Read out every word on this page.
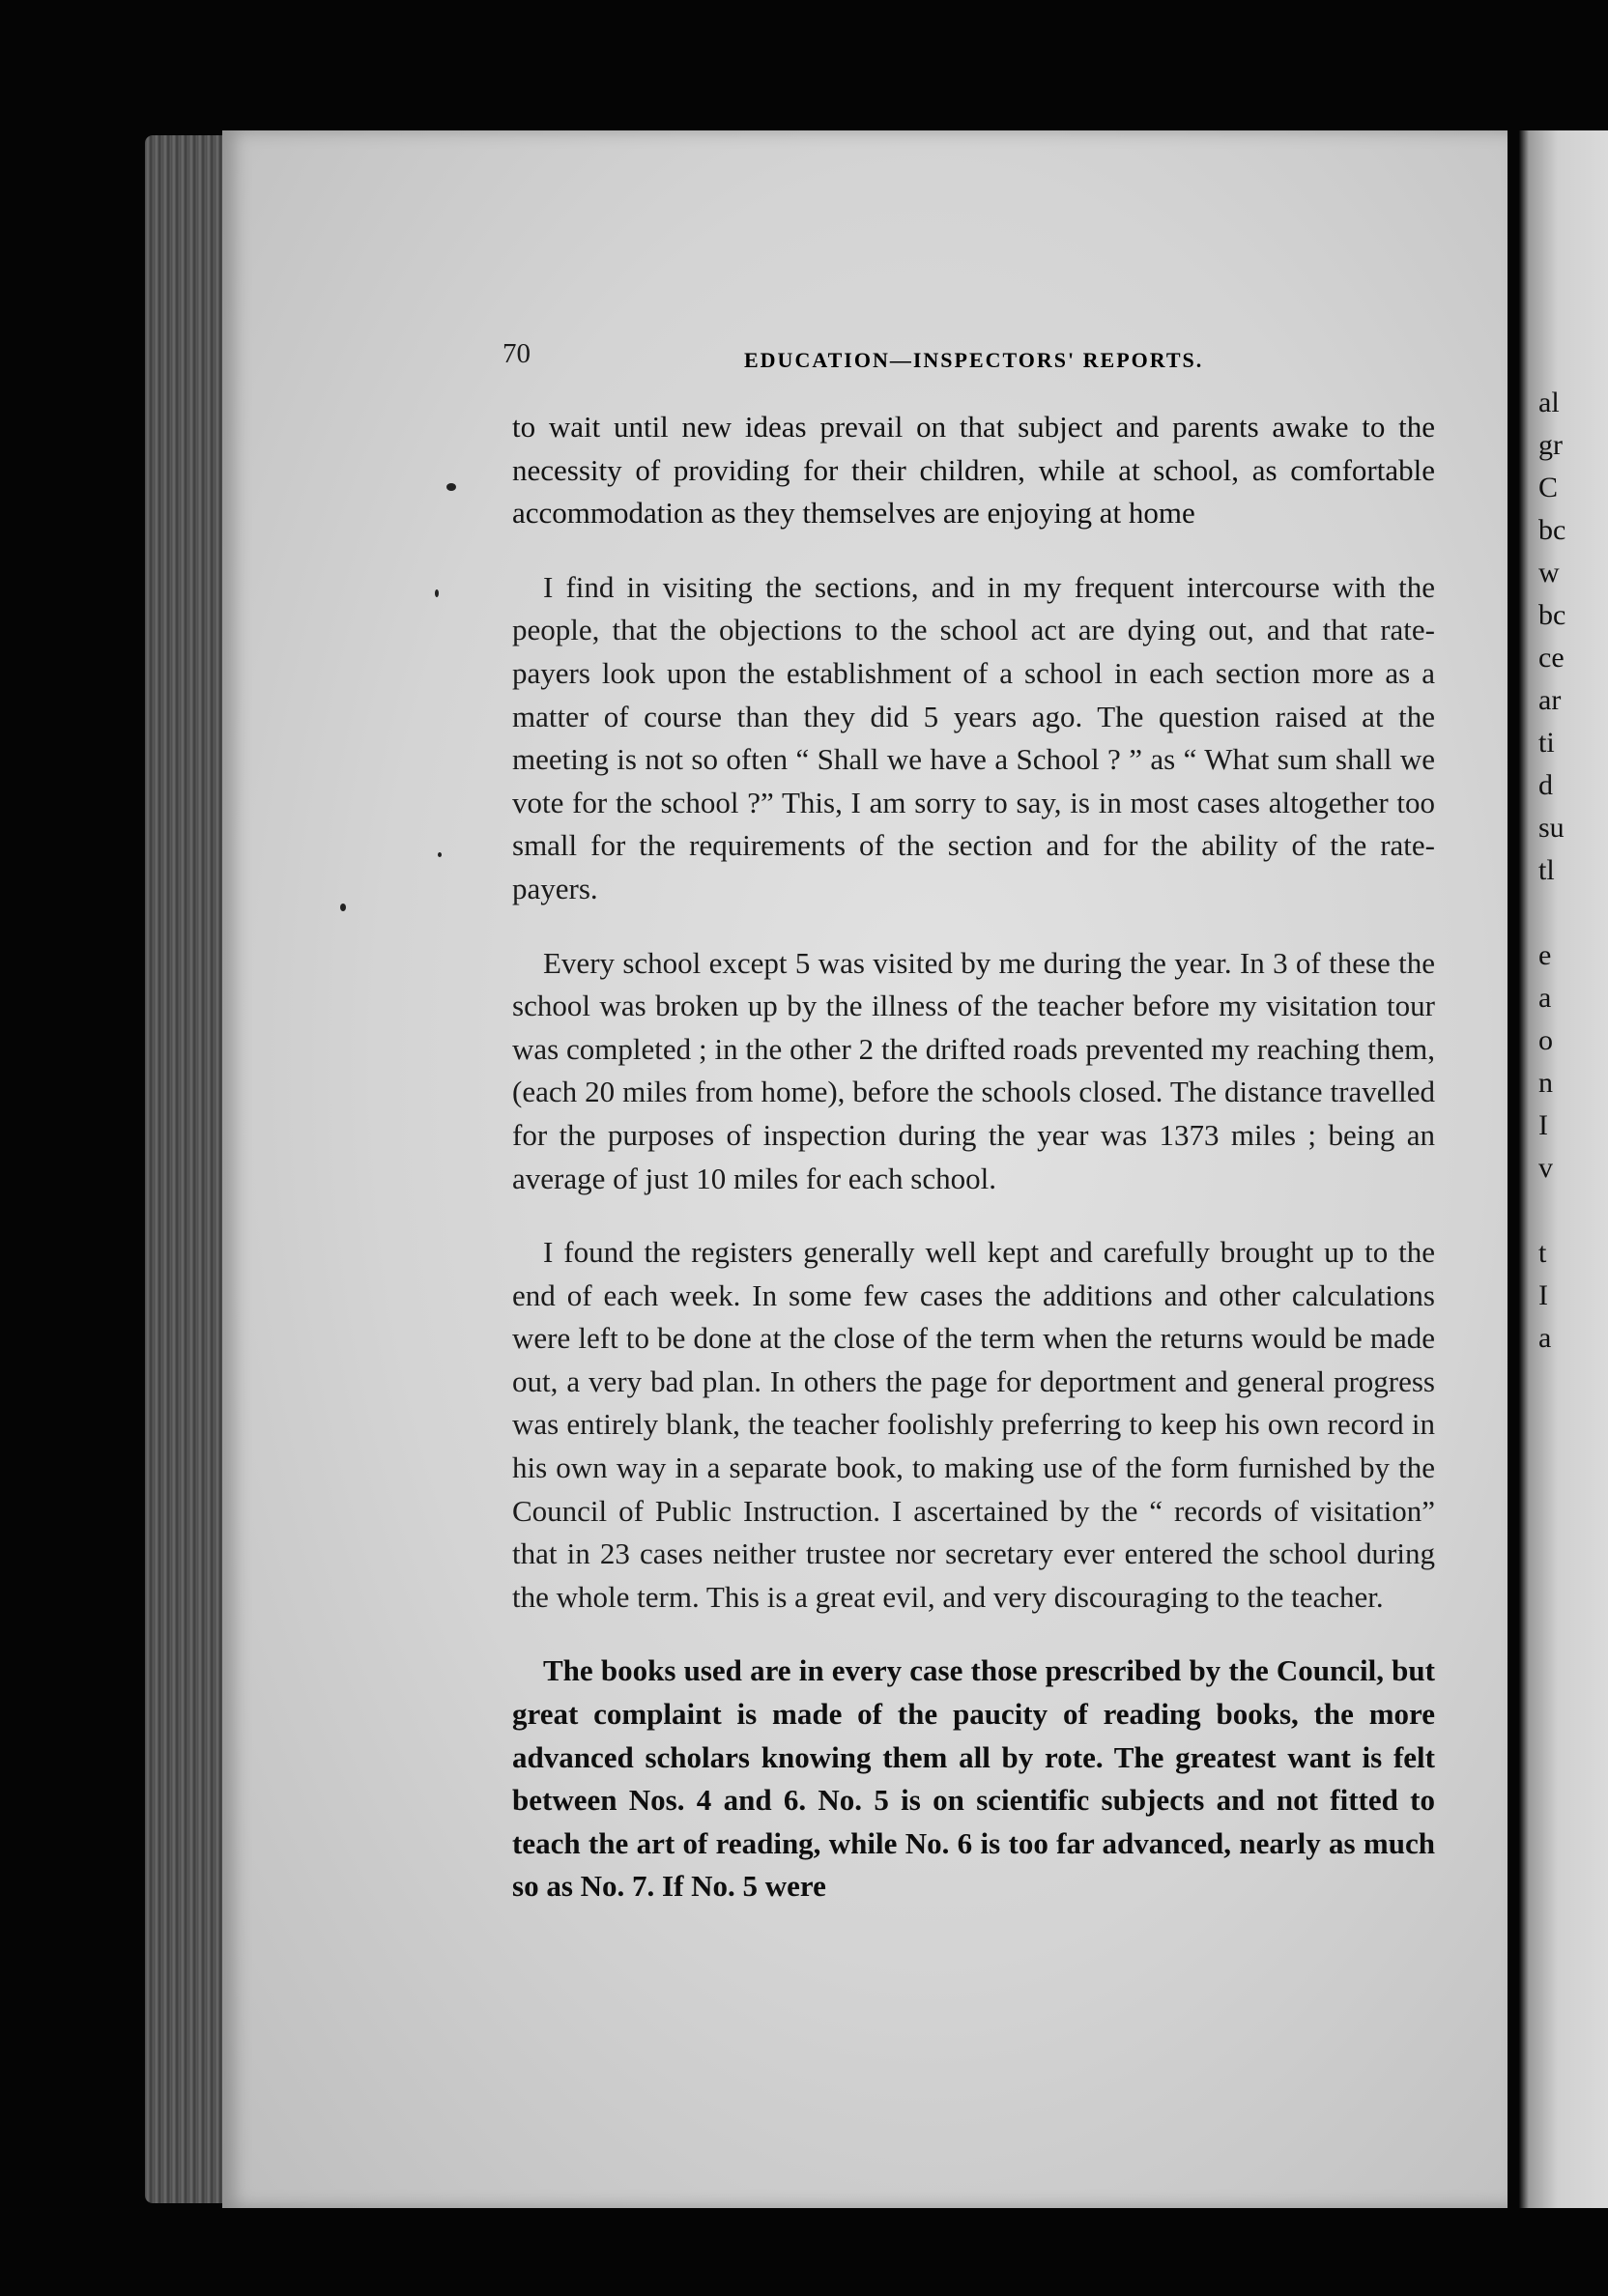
al
gr
C
bc
w
bc
ce
ar
ti
d
su
tl
e
a
o
n
I
v
t
I
a
70	EDUCATION—INSPECTORS' REPORTS.

to wait until new ideas prevail on that subject and parents awake to the necessity of providing for their children, while at school, as comfortable accommodation as they themselves are enjoying at home

I find in visiting the sections, and in my frequent intercourse with the people, that the objections to the school act are dying out, and that rate-payers look upon the establishment of a school in each section more as a matter of course than they did 5 years ago. The question raised at the meeting is not so often “ Shall we have a School ? ” as “ What sum shall we vote for the school ?” This, I am sorry to say, is in most cases altogether too small for the requirements of the section and for the ability of the rate-payers.

Every school except 5 was visited by me during the year. In 3 of these the school was broken up by the illness of the teacher before my visitation tour was completed ; in the other 2 the drifted roads prevented my reaching them, (each 20 miles from home), before the schools closed. The distance travelled for the purposes of inspection during the year was 1373 miles ; being an average of just 10 miles for each school.

I found the registers generally well kept and carefully brought up to the end of each week. In some few cases the additions and other calculations were left to be done at the close of the term when the returns would be made out, a very bad plan. In others the page for deportment and general progress was entirely blank, the teacher foolishly preferring to keep his own record in his own way in a separate book, to making use of the form furnished by the Council of Public Instruction. I ascertained by the “ records of visitation” that in 23 cases neither trustee nor secretary ever entered the school during the whole term. This is a great evil, and very discouraging to the teacher.

The books used are in every case those prescribed by the Council, but great complaint is made of the paucity of reading books, the more advanced scholars knowing them all by rote. The greatest want is felt between Nos. 4 and 6. No. 5 is on scientific subjects and not fitted to teach the art of reading, while No. 6 is too far advanced, nearly as much so as No. 7. If No. 5 were
